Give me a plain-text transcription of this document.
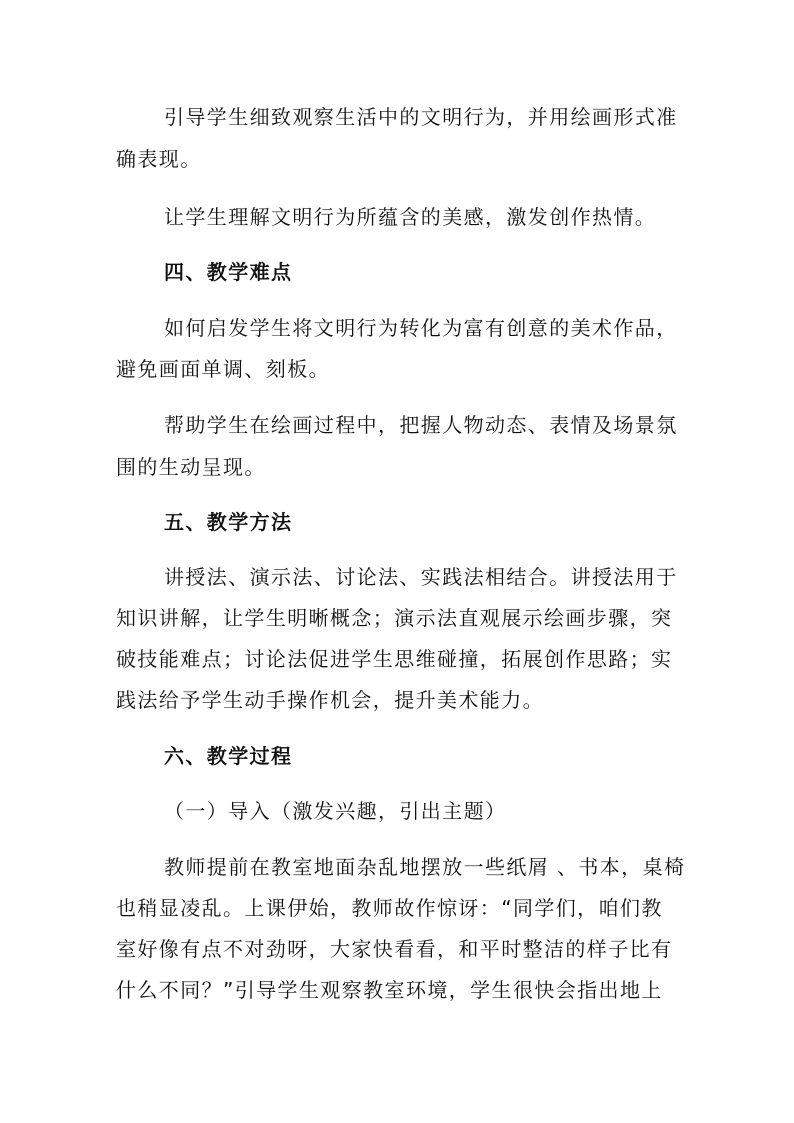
引导学生细致观察生活中的文明行为，并用绘画形式准
确表现。
让学生理解文明行为所蕴含的美感，激发创作热情。
四、教学难点
如何启发学生将文明行为转化为富有创意的美术作品，
避免画面单调、刻板。
帮助学生在绘画过程中，把握人物动态、表情及场景氛
围的生动呈现。
五、教学方法
讲授法、演示法、讨论法、实践法相结合。讲授法用于
知识讲解，让学生明晰概念；演示法直观展示绘画步骤，突
破技能难点；讨论法促进学生思维碰撞，拓展创作思路；实
践法给予学生动手操作机会，提升美术能力。
六、教学过程
（一）导入（激发兴趣，引出主题）
教师提前在教室地面杂乱地摆放一些纸屑 、书本，桌椅
也稍显凌乱。上课伊始，教师故作惊讶：“同学们，咱们教
室好像有点不对劲呀，大家快看看，和平时整洁的样子比有
什么不同？”引导学生观察教室环境，学生很快会指出地上
